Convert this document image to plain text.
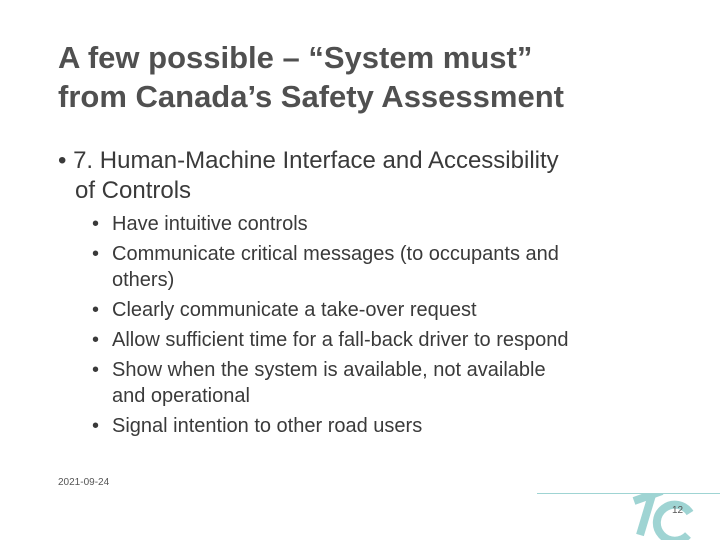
A few possible – “System must”
from Canada’s Safety Assessment
• 7. Human-Machine Interface and Accessibility
of Controls
• Have intuitive controls
• Communicate critical messages (to occupants and
others)
• Clearly communicate a take-over request
• Allow sufficient time for a fall-back driver to respond
• Show when the system is available, not available
and operational
• Signal intention to other road users
2021-09-24
12
